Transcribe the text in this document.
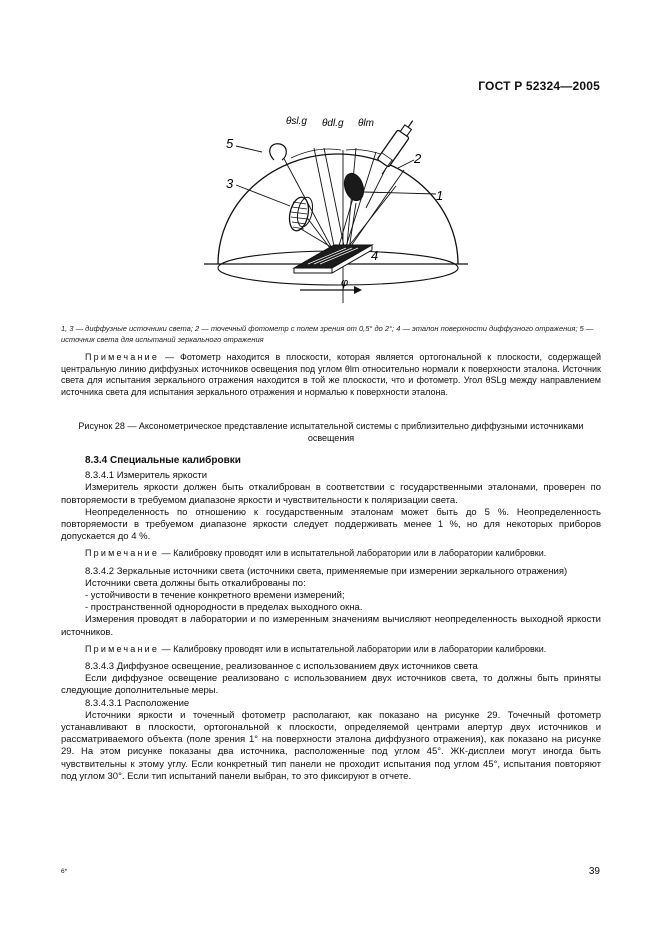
ГОСТ Р 52324—2005
5
3
2
1
4
θsl.g θdl.g θlm
φ
1, 3 — диффузные источники света; 2 — точечный фотометр с полем зрения от 0,5° до 2°; 4 — эталон поверхности диффузного отражения; 5 — источник света для испытаний зеркального отражения
Примечание — Фотометр находится в плоскости, которая является ортогональной к плоскости, содержащей центральную линию диффузных источников освещения под углом θlm относительно нормали к поверхности эталона. Источник света для испытания зеркального отражения находится в той же плоскости, что и фотометр. Угол θSLg между направлением источника света для испытания зеркального отражения и нормалью к поверхности эталона.
Рисунок 28 — Аксонометрическое представление испытательной системы с приблизительно диффузными источниками освещения

8.3.4 Специальные калибровки

8.3.4.1 Измеритель яркости

Измеритель яркости должен быть откалиброван в соответствии с государственными эталонами, проверен по повторяемости в требуемом диапазоне яркости и чувствительности к поляризации света.

Неопределенность по отношению к государственным эталонам может быть до 5 %. Неопределенность повторяемости в требуемом диапазоне яркости следует поддерживать менее 1 %, но для некоторых приборов допускается до 4 %.

Примечание — Калибровку проводят или в испытательной лаборатории или в лаборатории калибровки.

8.3.4.2 Зеркальные источники света (источники света, применяемые при измерении зеркального отражения)

Источники света должны быть откалиброваны по:

- устойчивости в течение конкретного времени измерений;

- пространственной однородности в пределах выходного окна.

Измерения проводят в лаборатории и по измеренным значениям вычисляют неопределенность выходной яркости источников.

Примечание — Калибровку проводят или в испытательной лаборатории или в лаборатории калибровки.

8.3.4.3 Диффузное освещение, реализованное с использованием двух источников света

Если диффузное освещение реализовано с использованием двух источников света, то должны быть приняты следующие дополнительные меры.

8.3.4.3.1 Расположение

Источники яркости и точечный фотометр располагают, как показано на рисунке 29. Точечный фотометр устанавливают в плоскости, ортогональной к плоскости, определяемой центрами апертур двух источников и рассматриваемого объекта (поле зрения 1° на поверхности эталона диффузного отражения), как показано на рисунке 29. На этом рисунке показаны два источника, расположенные под углом 45°. ЖК-дисплеи могут иногда быть чувствительны к этому углу. Если конкретный тип панели не проходит испытания под углом 45°, испытания повторяют под углом 30°. Если тип испытаний панели выбран, то это фиксируют в отчете.

6*	39
